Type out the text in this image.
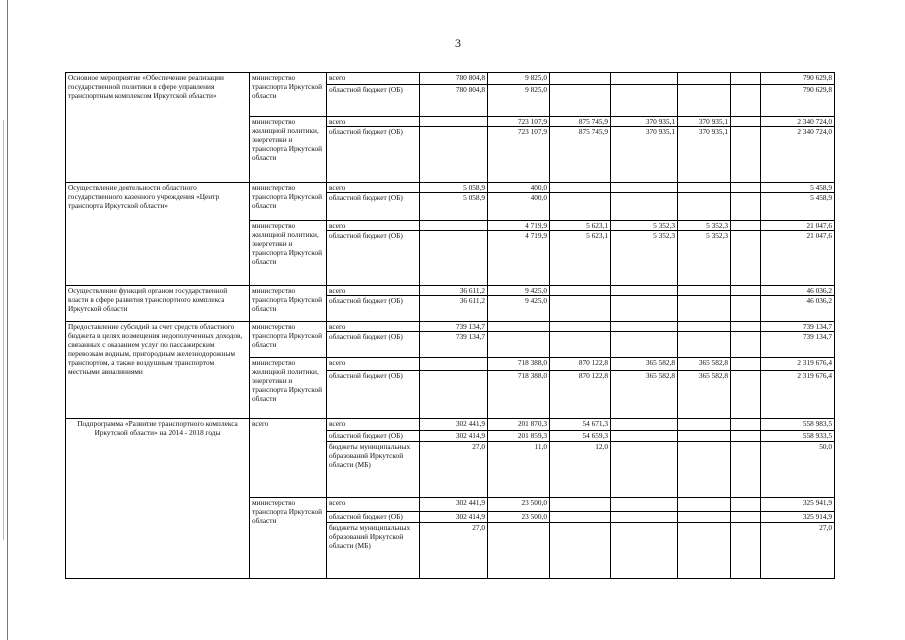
3
Основное мероприятие «Обеспечение реализации государственной политики в сфере управления транспортным комплексом Иркутской области»	министерство транспорта Иркутской области	всего	780 804,8	9 825,0					790 629,8
		областной бюджет (ОБ)	780 804,8	9 825,0					790 629,8
	министерство жилищной политики, энергетики и транспорта Иркутской области	всего		723 107,9	875 745,9	370 935,1	370 935,1		2 340 724,0
		областной бюджет (ОБ)		723 107,9	875 745,9	370 935,1	370 935,1		2 340 724,0
Осуществление деятельности областного государственного казенного учреждения «Центр транспорта Иркутской области»	министерство транспорта Иркутской области	всего	5 058,9	400,0					5 458,9
		областной бюджет (ОБ)	5 058,9	400,0					5 458,9
	министерство жилищной политики, энергетики и транспорта Иркутской области	всего		4 719,9	5 623,1	5 352,3	5 352,3		21 047,6
		областной бюджет (ОБ)		4 719,9	5 623,1	5 352,3	5 352,3		21 047,6
Осуществление функций органом государственной власти в сфере развития транспортного комплекса Иркутской области	министерство транспорта Иркутской области	всего	36 611,2	9 425,0					46 036,2
		областной бюджет (ОБ)	36 611,2	9 425,0					46 036,2
Предоставление субсидий за счет средств областного бюджета в целях возмещения недополученных доходов, связанных с оказанием услуг по пассажирским перевозкам водным, пригородным железнодорожным транспортом, а также воздушным транспортом местными авиалиниями	министерство транспорта Иркутской области	всего	739 134,7						739 134,7
		областной бюджет (ОБ)	739 134,7						739 134,7
	министерство жилищной политики, энергетики и транспорта Иркутской области	всего		718 388,0	870 122,8	365 582,8	365 582,8		2 319 676,4
		областной бюджет (ОБ)		718 388,0	870 122,8	365 582,8	365 582,8		2 319 676,4
Подпрограмма «Развитие транспортного комплекса Иркутской области» на 2014 - 2018 годы	всего	всего	302 441,9	201 870,3	54 671,3				558 983,5
		областной бюджет (ОБ)	302 414,9	201 859,3	54 659,3				558 933,5
		бюджеты муниципальных образований Иркутской области (МБ)	27,0	11,0	12,0				50,0
	министерство транспорта Иркутской области	всего	302 441,9	23 500,0					325 941,9
		областной бюджет (ОБ)	302 414,9	23 500,0					325 914,9
		бюджеты муниципальных образований Иркутской области (МБ)	27,0						27,0
